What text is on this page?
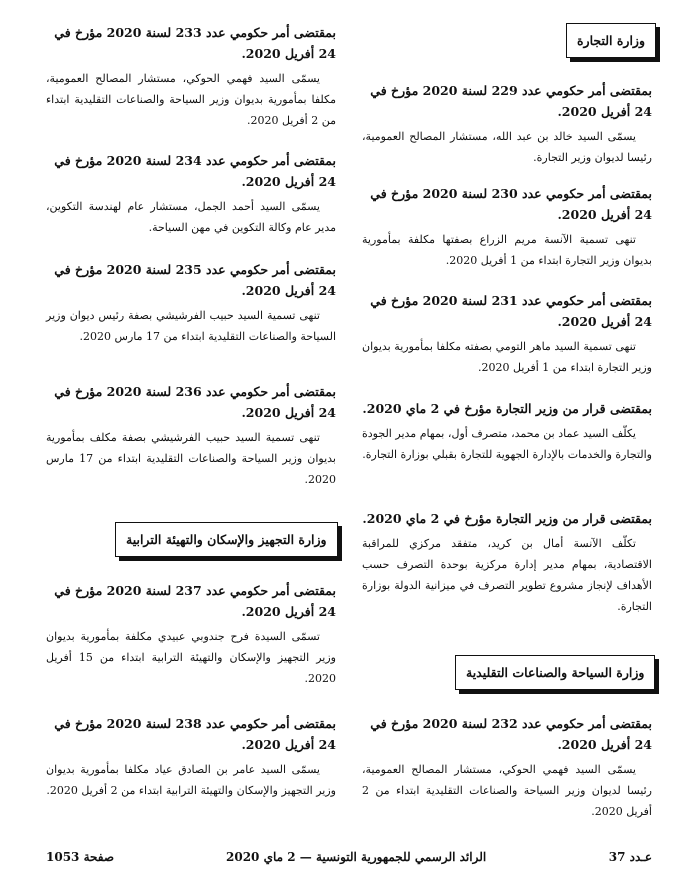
وزارة التجارة

بمقتضى أمر حكومي عدد 229 لسنة 2020 مؤرخ في 24 أفريل 2020.

يسمّى السيد خالد بن عبد الله، مستشار المصالح العمومية، رئيسا لديوان وزير التجارة.

بمقتضى أمر حكومي عدد 230 لسنة 2020 مؤرخ في 24 أفريل 2020.

تنهى تسمية الآنسة مريم الزراع بصفتها مكلفة بمأمورية بديوان وزير التجارة ابتداء من 1 أفريل 2020.

بمقتضى أمر حكومي عدد 231 لسنة 2020 مؤرخ في 24 أفريل 2020.

تنهى تسمية السيد ماهر التومي بصفته مكلفا بمأمورية بديوان وزير التجارة ابتداء من 1 أفريل 2020.

بمقتضى قرار من وزير التجارة مؤرخ في 2 ماي 2020.

يكلّف السيد عماد بن محمد، متصرف أول، بمهام مدير الجودة والتجارة والخدمات بالإدارة الجهوية للتجارة بقبلي بوزارة التجارة.

بمقتضى قرار من وزير التجارة مؤرخ في 2 ماي 2020.

تكلّف الآنسة أمال بن كريد، متفقد مركزي للمراقبة الاقتصادية، بمهام مدير إدارة مركزية بوحدة التصرف حسب الأهداف لإنجاز مشروع تطوير التصرف في ميزانية الدولة بوزارة التجارة.

وزارة السياحة والصناعات التقليدية

بمقتضى أمر حكومي عدد 232 لسنة 2020 مؤرخ في 24 أفريل 2020.

يسمّى السيد فهمي الحوكي، مستشار المصالح العمومية، رئيسا لديوان وزير السياحة والصناعات التقليدية ابتداء من 2 أفريل 2020.

بمقتضى أمر حكومي عدد 233 لسنة 2020 مؤرخ في 24 أفريل 2020.

يسمّى السيد فهمي الحوكي، مستشار المصالح العمومية، مكلفا بمأمورية بديوان وزير السياحة والصناعات التقليدية ابتداء من 2 أفريل 2020.

بمقتضى أمر حكومي عدد 234 لسنة 2020 مؤرخ في 24 أفريل 2020.

يسمّى السيد أحمد الجمل، مستشار عام لهندسة التكوين، مدير عام وكالة التكوين في مهن السياحة.

بمقتضى أمر حكومي عدد 235 لسنة 2020 مؤرخ في 24 أفريل 2020.

تنهى تسمية السيد حبيب الفرشيشي بصفة رئيس ديوان وزير السياحة والصناعات التقليدية ابتداء من 17 مارس 2020.

بمقتضى أمر حكومي عدد 236 لسنة 2020 مؤرخ في 24 أفريل 2020.

تنهى تسمية السيد حبيب الفرشيشي بصفة مكلف بمأمورية بديوان وزير السياحة والصناعات التقليدية ابتداء من 17 مارس 2020.

وزارة التجهيز والإسكان والتهيئة الترابية

بمقتضى أمر حكومي عدد 237 لسنة 2020 مؤرخ في 24 أفريل 2020.

تسمّى السيدة فرح جندوبي عبيدي مكلفة بمأمورية بديوان وزير التجهيز والإسكان والتهيئة الترابية ابتداء من 15 أفريل 2020.

بمقتضى أمر حكومي عدد 238 لسنة 2020 مؤرخ في 24 أفريل 2020.

يسمّى السيد عامر بن الصادق عياد مكلفا بمأمورية بديوان وزير التجهيز والإسكان والتهيئة الترابية ابتداء من 2 أفريل 2020.

عـدد 37
الرائد الرسمي للجمهورية التونسية — 2 ماي 2020
صفحة 1053
